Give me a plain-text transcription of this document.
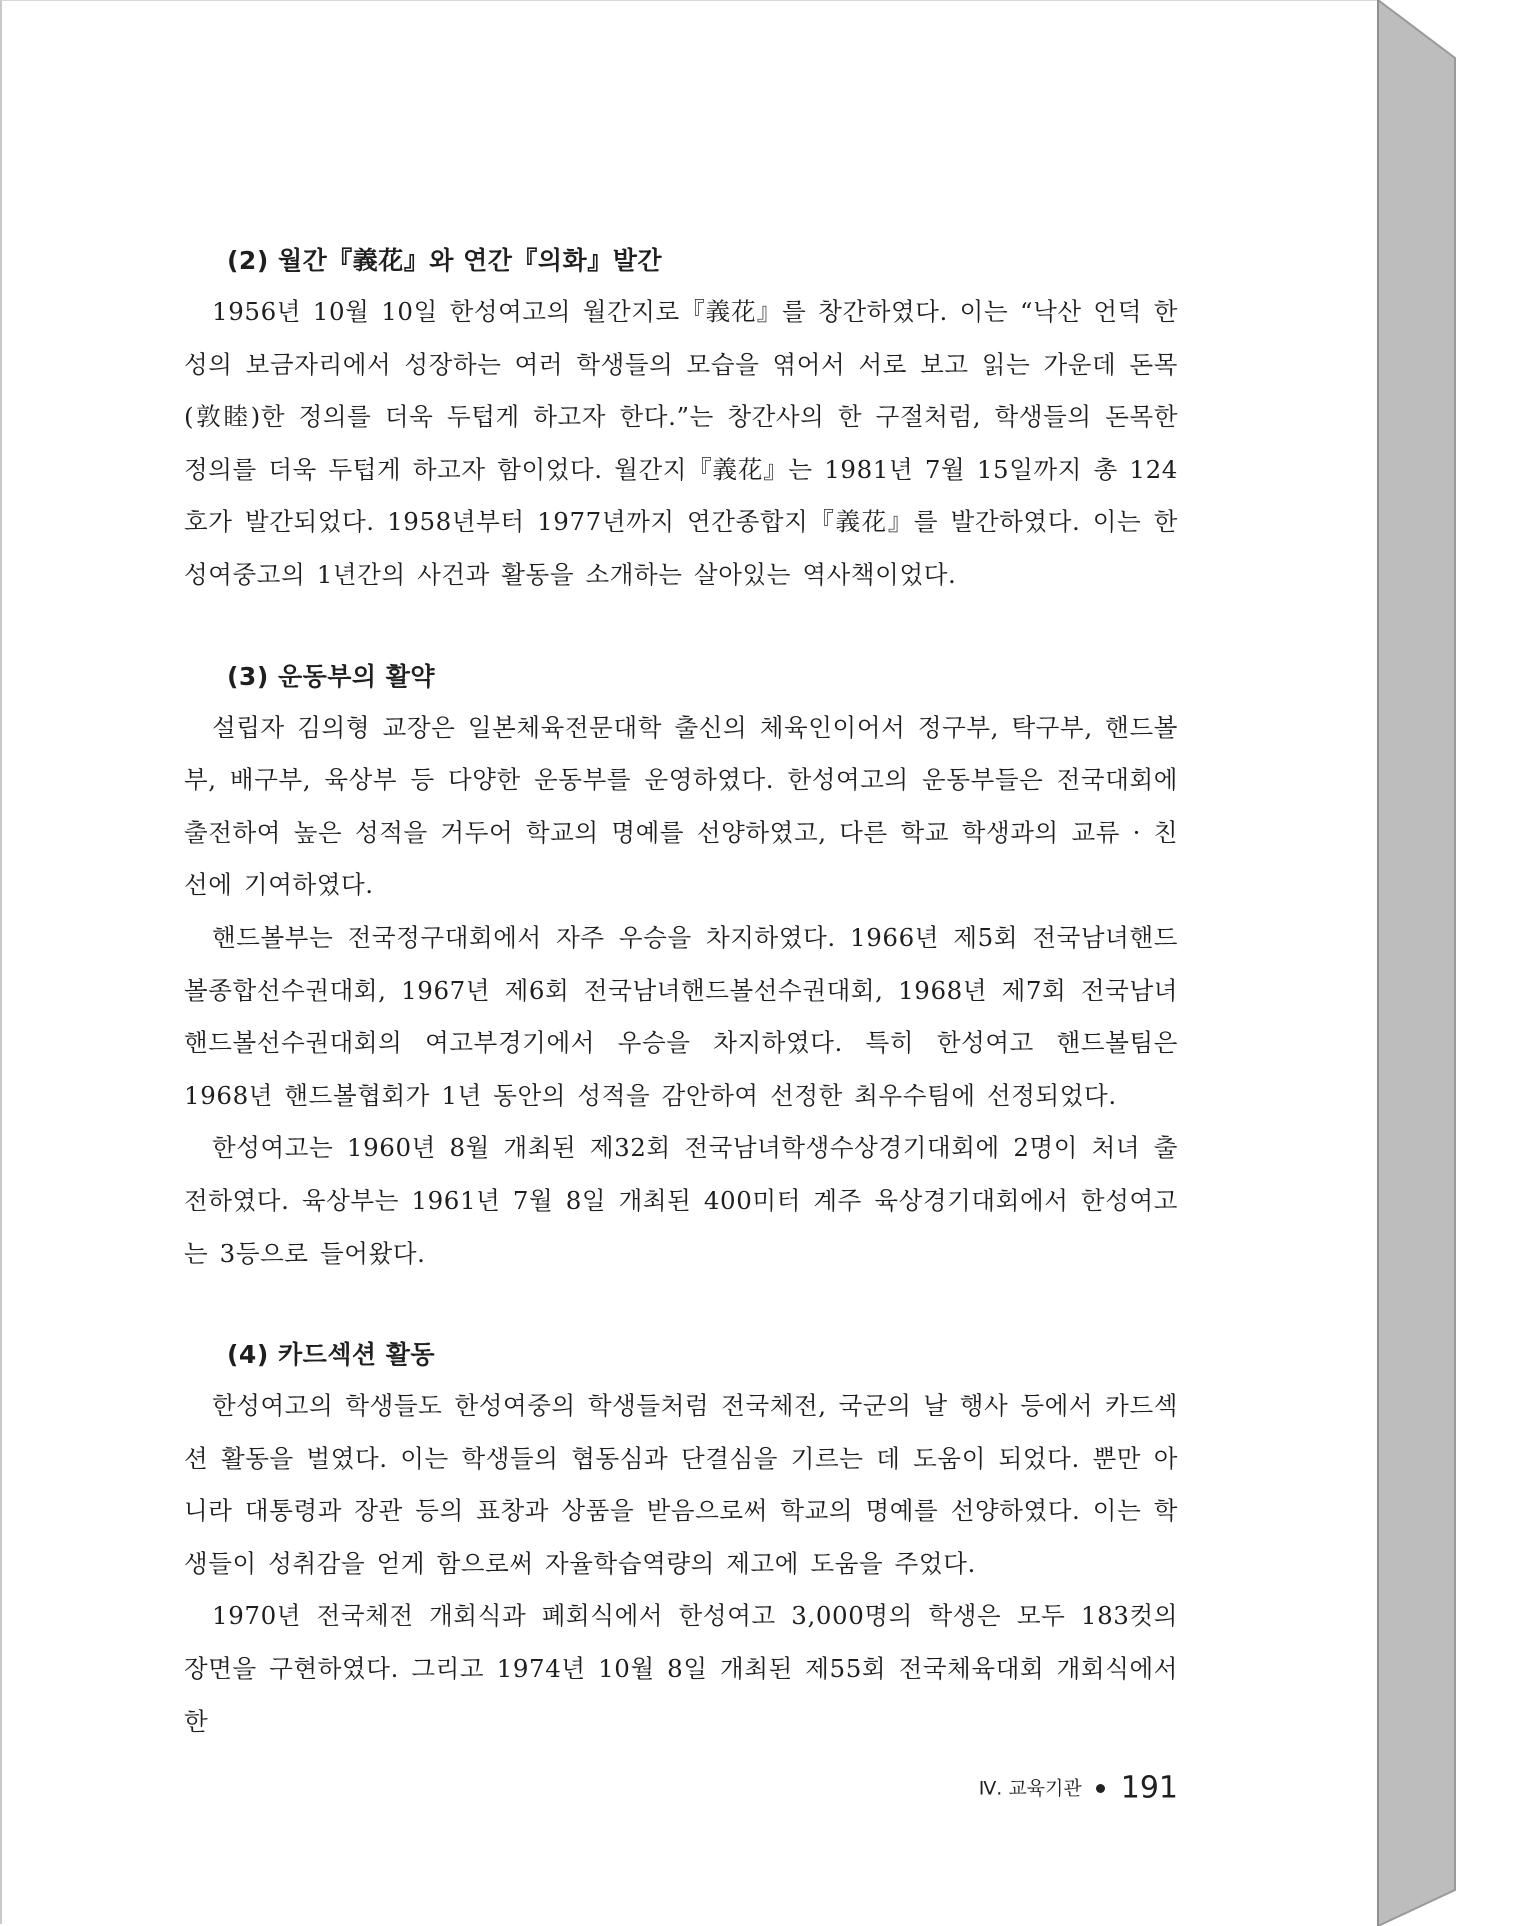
(2) 월간『義花』와 연간『의화』발간

1956년 10월 10일 한성여고의 월간지로『義花』를 창간하였다. 이는 “낙산 언덕 한성의 보금자리에서 성장하는 여러 학생들의 모습을 엮어서 서로 보고 읽는 가운데 돈목(敦睦)한 정의를 더욱 두텁게 하고자 한다.”는 창간사의 한 구절처럼, 학생들의 돈목한 정의를 더욱 두텁게 하고자 함이었다. 월간지『義花』는 1981년 7월 15일까지 총 124호가 발간되었다. 1958년부터 1977년까지 연간종합지『義花』를 발간하였다. 이는 한성여중고의 1년간의 사건과 활동을 소개하는 살아있는 역사책이었다.

(3) 운동부의 활약

설립자 김의형 교장은 일본체육전문대학 출신의 체육인이어서 정구부, 탁구부, 핸드볼부, 배구부, 육상부 등 다양한 운동부를 운영하였다. 한성여고의 운동부들은 전국대회에 출전하여 높은 성적을 거두어 학교의 명예를 선양하였고, 다른 학교 학생과의 교류 · 친선에 기여하였다.

핸드볼부는 전국정구대회에서 자주 우승을 차지하였다. 1966년 제5회 전국남녀핸드볼종합선수권대회, 1967년 제6회 전국남녀핸드볼선수권대회, 1968년 제7회 전국남녀핸드볼선수권대회의 여고부경기에서 우승을 차지하였다. 특히 한성여고 핸드볼팀은 1968년 핸드볼협회가 1년 동안의 성적을 감안하여 선정한 최우수팀에 선정되었다.

한성여고는 1960년 8월 개최된 제32회 전국남녀학생수상경기대회에 2명이 처녀 출전하였다. 육상부는 1961년 7월 8일 개최된 400미터 계주 육상경기대회에서 한성여고는 3등으로 들어왔다.

(4) 카드섹션 활동

한성여고의 학생들도 한성여중의 학생들처럼 전국체전, 국군의 날 행사 등에서 카드섹션 활동을 벌였다. 이는 학생들의 협동심과 단결심을 기르는 데 도움이 되었다. 뿐만 아니라 대통령과 장관 등의 표창과 상품을 받음으로써 학교의 명예를 선양하였다. 이는 학생들이 성취감을 얻게 함으로써 자율학습역량의 제고에 도움을 주었다.

1970년 전국체전 개회식과 폐회식에서 한성여고 3,000명의 학생은 모두 183컷의 장면을 구현하였다. 그리고 1974년 10월 8일 개최된 제55회 전국체육대회 개회식에서 한

Ⅳ. 교육기관 191
